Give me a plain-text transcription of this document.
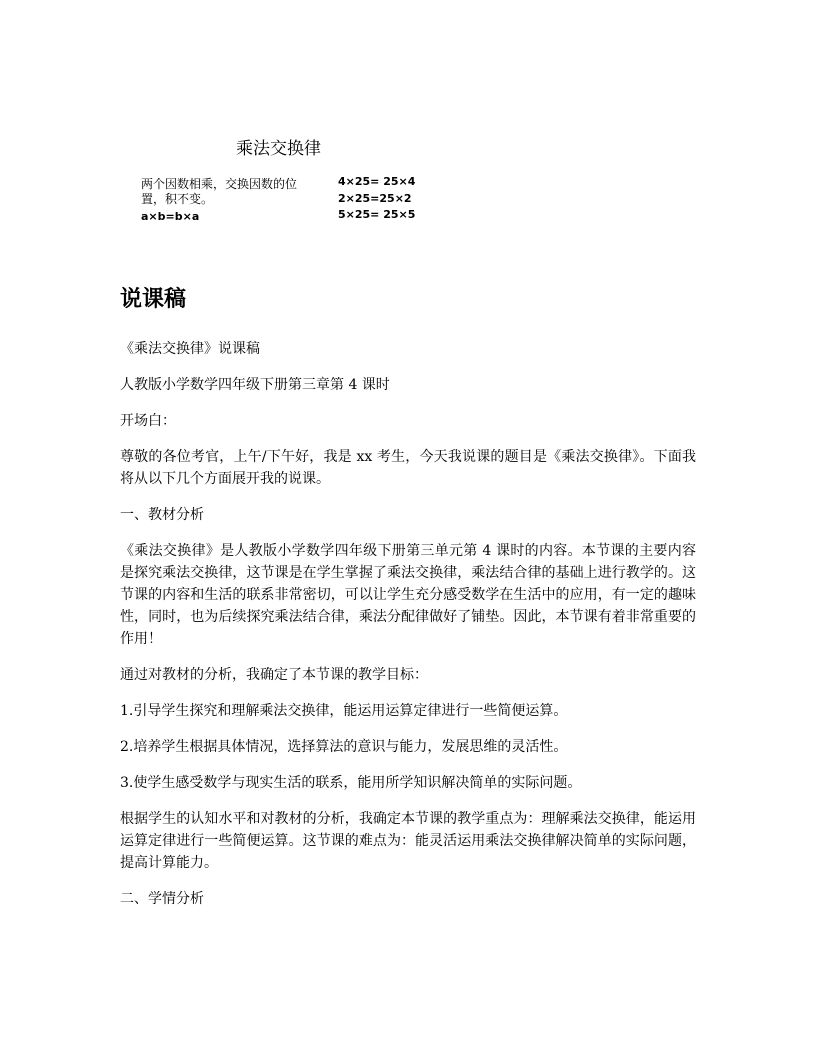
乘法交换律
两个因数相乘，交换因数的位置，积不变。
a×b=b×a
4×25= 25×4
2×25=25×2
5×25= 25×5
说课稿

《乘法交换律》说课稿

人教版小学数学四年级下册第三章第 4 课时

开场白：

尊敬的各位考官，上午/下午好，我是 xx 考生，今天我说课的题目是《乘法交换律》。下面我将从以下几个方面展开我的说课。

一、教材分析

《乘法交换律》是人教版小学数学四年级下册第三单元第 4 课时的内容。本节课的主要内容是探究乘法交换律，这节课是在学生掌握了乘法交换律，乘法结合律的基础上进行教学的。这节课的内容和生活的联系非常密切，可以让学生充分感受数学在生活中的应用，有一定的趣味性，同时，也为后续探究乘法结合律，乘法分配律做好了铺垫。因此，本节课有着非常重要的作用！

通过对教材的分析，我确定了本节课的教学目标：

1.引导学生探究和理解乘法交换律，能运用运算定律进行一些简便运算。

2.培养学生根据具体情况，选择算法的意识与能力，发展思维的灵活性。

3.使学生感受数学与现实生活的联系，能用所学知识解决简单的实际问题。

根据学生的认知水平和对教材的分析，我确定本节课的教学重点为：理解乘法交换律，能运用运算定律进行一些简便运算。这节课的难点为：能灵活运用乘法交换律解决简单的实际问题，提高计算能力。

二、学情分析
